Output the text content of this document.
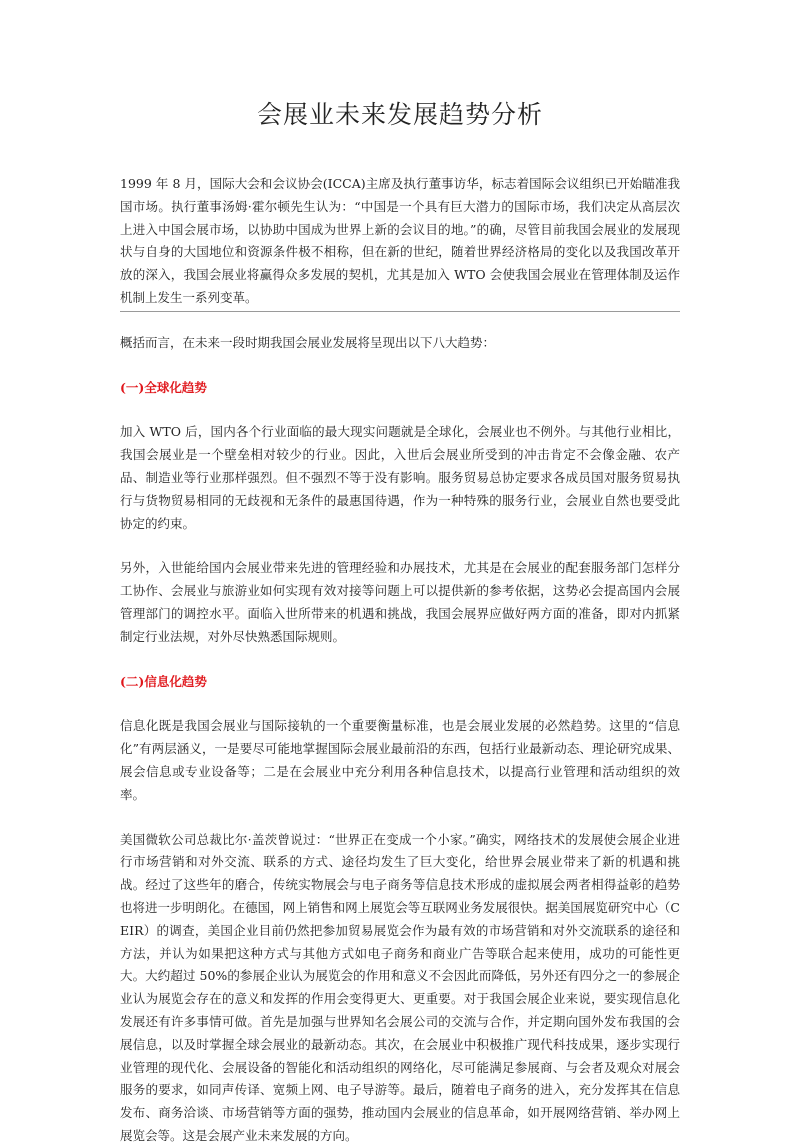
会展业未来发展趋势分析

1999 年 8 月，国际大会和会议协会(ICCA)主席及执行董事访华，标志着国际会议组织已开始瞄准我国市场。执行董事汤姆·霍尔顿先生认为：“中国是一个具有巨大潜力的国际市场，我们决定从高层次上进入中国会展市场，以协助中国成为世界上新的会议目的地。”的确，尽管目前我国会展业的发展现状与自身的大国地位和资源条件极不相称，但在新的世纪，随着世界经济格局的变化以及我国改革开放的深入，我国会展业将赢得众多发展的契机，尤其是加入 WTO 会使我国会展业在管理体制及运作机制上发生一系列变革。

概括而言，在未来一段时期我国会展业发展将呈现出以下八大趋势：

(一)全球化趋势

加入 WTO 后，国内各个行业面临的最大现实问题就是全球化，会展业也不例外。与其他行业相比，我国会展业是一个壁垒相对较少的行业。因此，入世后会展业所受到的冲击肯定不会像金融、农产品、制造业等行业那样强烈。但不强烈不等于没有影响。服务贸易总协定要求各成员国对服务贸易执行与货物贸易相同的无歧视和无条件的最惠国待遇，作为一种特殊的服务行业，会展业自然也要受此协定的约束。

另外，入世能给国内会展业带来先进的管理经验和办展技术，尤其是在会展业的配套服务部门怎样分工协作、会展业与旅游业如何实现有效对接等问题上可以提供新的参考依据，这势必会提高国内会展管理部门的调控水平。面临入世所带来的机遇和挑战，我国会展界应做好两方面的准备，即对内抓紧制定行业法规，对外尽快熟悉国际规则。

(二)信息化趋势

信息化既是我国会展业与国际接轨的一个重要衡量标准，也是会展业发展的必然趋势。这里的“信息化”有两层涵义，一是要尽可能地掌握国际会展业最前沿的东西，包括行业最新动态、理论研究成果、展会信息或专业设备等；二是在会展业中充分利用各种信息技术，以提高行业管理和活动组织的效率。

美国微软公司总裁比尔·盖茨曾说过：“世界正在变成一个小家。”确实，网络技术的发展使会展企业进行市场营销和对外交流、联系的方式、途径均发生了巨大变化，给世界会展业带来了新的机遇和挑战。经过了这些年的磨合，传统实物展会与电子商务等信息技术形成的虚拟展会两者相得益彰的趋势也将进一步明朗化。在德国，网上销售和网上展览会等互联网业务发展很快。据美国展览研究中心（CEIR）的调查，美国企业目前仍然把参加贸易展览会作为最有效的市场营销和对外交流联系的途径和方法，并认为如果把这种方式与其他方式如电子商务和商业广告等联合起来使用，成功的可能性更大。大约超过 50%的参展企业认为展览会的作用和意义不会因此而降低，另外还有四分之一的参展企业认为展览会存在的意义和发挥的作用会变得更大、更重要。对于我国会展企业来说，要实现信息化发展还有许多事情可做。首先是加强与世界知名会展公司的交流与合作，并定期向国外发布我国的会展信息，以及时掌握全球会展业的最新动态。其次，在会展业中积极推广现代科技成果，逐步实现行业管理的现代化、会展设备的智能化和活动组织的网络化，尽可能满足参展商、与会者及观众对展会服务的要求，如同声传译、宽频上网、电子导游等。最后，随着电子商务的进入，充分发挥其在信息发布、商务洽谈、市场营销等方面的强势，推动国内会展业的信息革命，如开展网络营销、举办网上展览会等。这是会展产业未来发展的方向。
